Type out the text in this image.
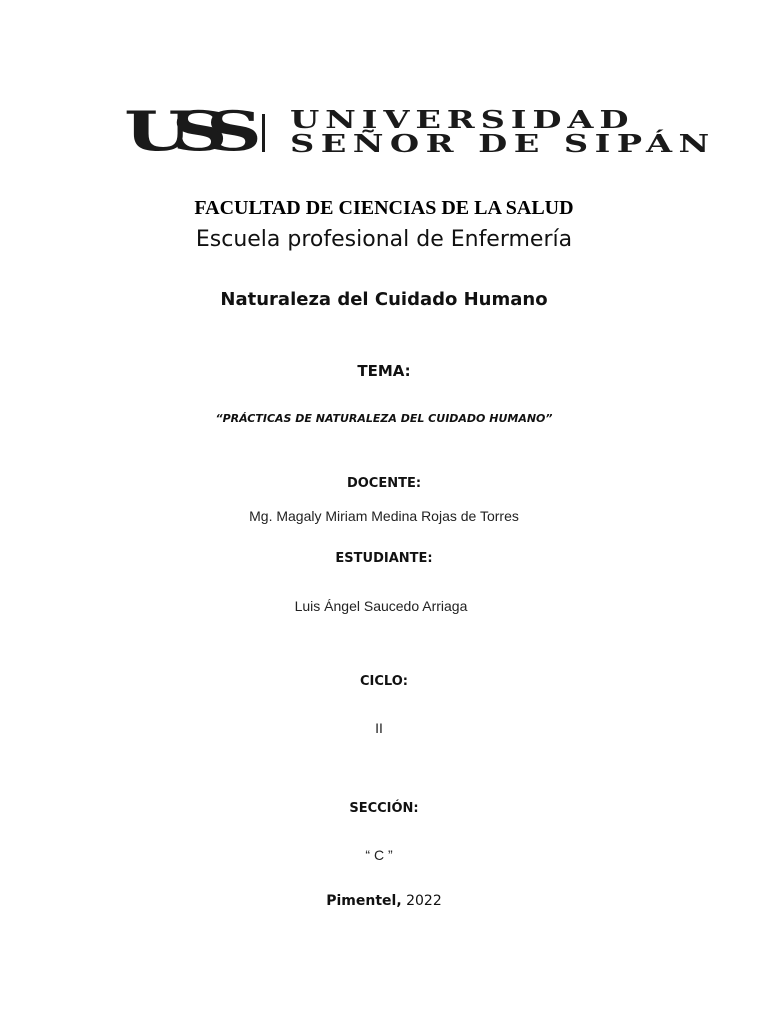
USS UNIVERSIDAD
SEÑOR DE SIPÁN
FACULTAD DE CIENCIAS DE LA SALUD
Escuela profesional de Enfermería
Naturaleza del Cuidado Humano
TEMA:
“PRÁCTICAS DE NATURALEZA DEL CUIDADO HUMANO”
DOCENTE:
Mg. Magaly Miriam Medina Rojas de Torres
ESTUDIANTE:
Luis Ángel Saucedo Arriaga
CICLO:
II
SECCIÓN:
“ C ”
Pimentel, 2022
